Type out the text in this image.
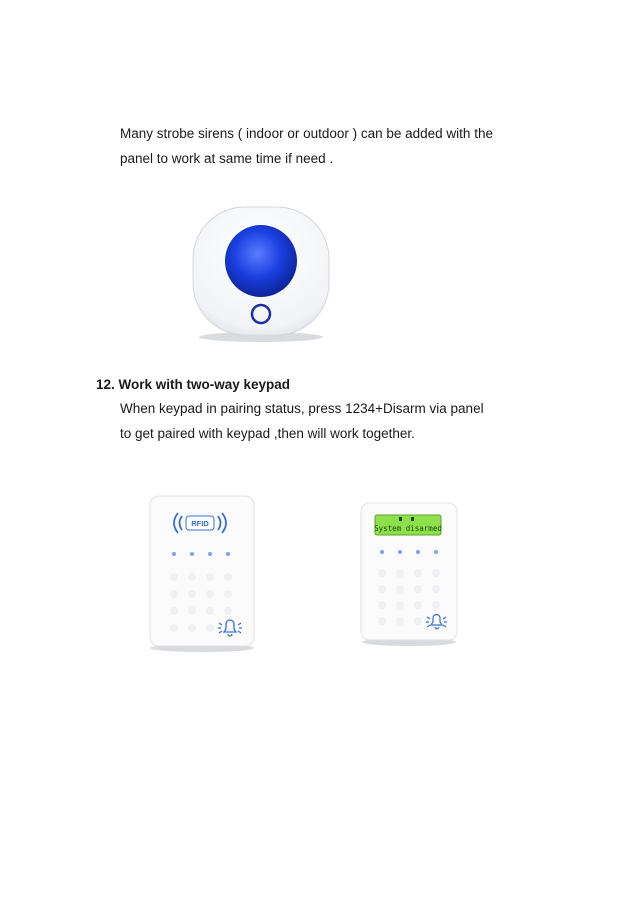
Many strobe sirens ( indoor or outdoor ) can be added with the
panel to work at same time if need .

12. Work with two-way keypad

When keypad in pairing status, press 1234+Disarm via panel
to get paired with keypad ,then will work together.

RFID
System disarmed
